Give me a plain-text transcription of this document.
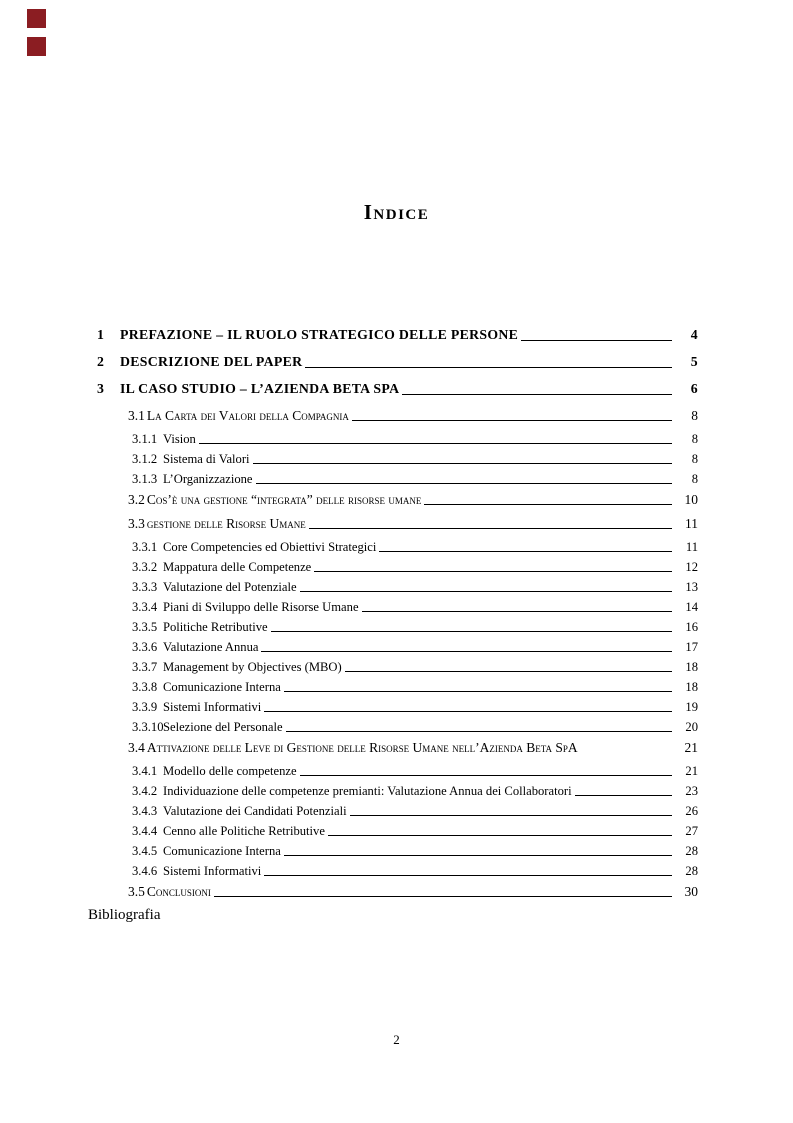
Indice
1	PREFAZIONE – IL RUOLO STRATEGICO DELLE PERSONE	4
2	DESCRIZIONE DEL PAPER	5
3	IL CASO STUDIO – L’AZIENDA BETA SPA	6
3.1 La Carta dei Valori della Compagnia	8
3.1.1 Vision	8
3.1.2 Sistema di Valori	8
3.1.3 L’Organizzazione	8
3.2 Cos’è una gestione “integrata” delle risorse umane	10
3.3 gestione delle Risorse Umane	11
3.3.1 Core Competencies ed Obiettivi Strategici	11
3.3.2 Mappatura delle Competenze	12
3.3.3 Valutazione del Potenziale	13
3.3.4 Piani di Sviluppo delle Risorse Umane	14
3.3.5 Politiche Retributive	16
3.3.6 Valutazione Annua	17
3.3.7 Management by Objectives (MBO)	18
3.3.8 Comunicazione Interna	18
3.3.9 Sistemi Informativi	19
3.3.10 Selezione del Personale	20
3.4 Attivazione delle Leve di Gestione delle Risorse Umane nell’Azienda Beta SpA	21
3.4.1 Modello delle competenze	21
3.4.2 Individuazione delle competenze premianti: Valutazione Annua dei Collaboratori	23
3.4.3 Valutazione dei Candidati Potenziali	26
3.4.4 Cenno alle Politiche Retributive	27
3.4.5 Comunicazione Interna	28
3.4.6 Sistemi Informativi	28
3.5 Conclusioni	30
Bibliografia
2
